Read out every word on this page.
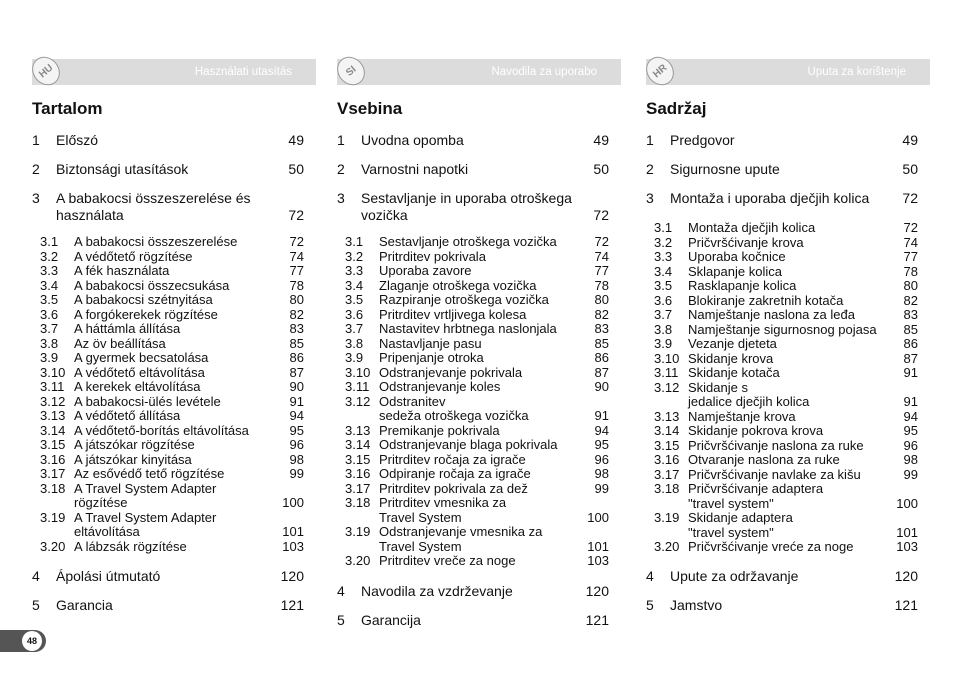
48
HU	Használati utasítás
Tartalom
1 Előszó	49
2 Biztonsági utasítások	50
3 A babakocsi összeszerelése és
használata	72
4 Ápolási útmutató	120
5 Garancia	121
3.1 A babakocsi összeszerelése	72
3.2 A védőtető rögzítése	74
3.3 A fék használata	77
3.4 A babakocsi összecsukása	78
3.5 A babakocsi szétnyitása	80
3.6 A forgókerekek rögzítése	82
3.7 A háttámla állítása	83
3.8 Az öv beállítása	85
3.9 A gyermek becsatolása	86
3.10 A védőtető eltávolítása	87
3.11 A kerekek eltávolítása	90
3.12 A babakocsi-ülés levétele	91
3.13 A védőtető állítása	94
3.14 A védőtető-borítás eltávolítása	95
3.15 A játszókar rögzítése	96
3.16 A játszókar kinyitása	98
3.17 Az esővédő tető rögzítése	99
3.18 A Travel System Adapter
rögzítése	100
3.19 A Travel System Adapter
eltávolítása	101
3.20 A lábzsák rögzítése	103
SI	Navodila za uporabo
Vsebina
1 Uvodna opomba	49
2 Varnostni napotki	50
3 Sestavljanje in uporaba otroškega
vozička	72
4 Navodila za vzdrževanje	120
5 Garancija	121
3.1 Sestavljanje otroškega vozička	72
3.2 Pritrditev pokrivala	74
3.3 Uporaba zavore	77
3.4 Zlaganje otroškega vozička	78
3.5 Razpiranje otroškega vozička	80
3.6 Pritrditev vrtljivega kolesa	82
3.7 Nastavitev hrbtnega naslonjala	83
3.8 Nastavljanje pasu	85
3.9 Pripenjanje otroka	86
3.10 Odstranjevanje pokrivala	87
3.11 Odstranjevanje koles	90
3.12 Odstranitev
sedeža otroškega vozička	91
3.13 Premikanje pokrivala	94
3.14 Odstranjevanje blaga pokrivala	95
3.15 Pritrditev ročaja za igrače	96
3.16 Odpiranje ročaja za igrače	98
3.17 Pritrditev pokrivala za dež	99
3.18 Pritrditev vmesnika za
Travel System	100
3.19 Odstranjevanje vmesnika za
Travel System	101
3.20 Pritrditev vreče za noge	103
HR	Uputa za korištenje
Sadržaj
1 Predgovor	49
2 Sigurnosne upute	50
3 Montaža i uporaba dječjih kolica	72
4 Upute za održavanje	120
5 Jamstvo	121
3.1 Montaža dječjih kolica	72
3.2 Pričvršćivanje krova	74
3.3 Uporaba kočnice	77
3.4 Sklapanje kolica	78
3.5 Rasklapanje kolica	80
3.6 Blokiranje zakretnih kotača	82
3.7 Namještanje naslona za leđa	83
3.8 Namještanje sigurnosnog pojasa	85
3.9 Vezanje djeteta	86
3.10 Skidanje krova	87
3.11 Skidanje kotača	91
3.12 Skidanje s
jedalice dječjih kolica	91
3.13 Namještanje krova	94
3.14 Skidanje pokrova krova	95
3.15 Pričvršćivanje naslona za ruke	96
3.16 Otvaranje naslona za ruke	98
3.17 Pričvršćivanje navlake za kišu	99
3.18 Pričvršćivanje adaptera
"travel system"	100
3.19 Skidanje adaptera
"travel system"	101
3.20 Pričvršćivanje vreće za noge	103
